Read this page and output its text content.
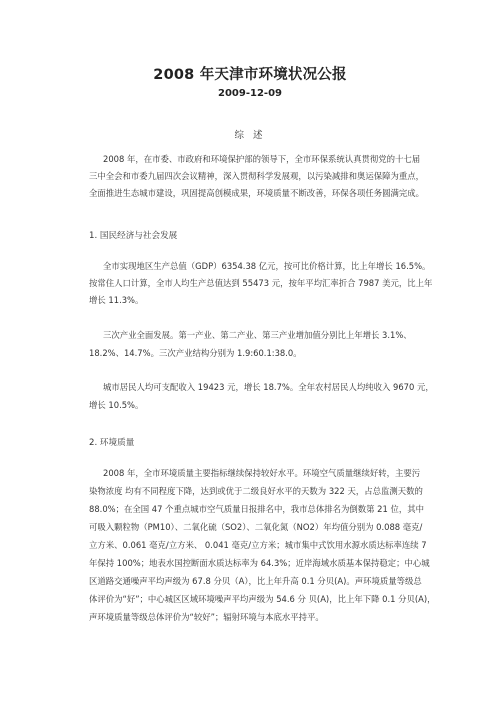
2008 年天津市环境状况公报
2009-12-09
综 述
2008 年，在市委、市政府和环境保护部的领导下，全市环保系统认真贯彻党的十七届
三中全会和市委九届四次会议精神，深入贯彻科学发展观，以污染减排和奥运保障为重点，
全面推进生态城市建设，巩固提高创模成果，环境质量不断改善，环保各项任务圆满完成。
1. 国民经济与社会发展
全市实现地区生产总值（GDP）6354.38 亿元，按可比价格计算，比上年增长 16.5%。
按常住人口计算，全市人均生产总值达到 55473 元，按年平均汇率折合 7987 美元，比上年
增长 11.3%。
三次产业全面发展。第一产业、第二产业、第三产业增加值分别比上年增长 3.1%、
18.2%、14.7%。三次产业结构分别为 1.9:60.1:38.0。
城市居民人均可支配收入 19423 元，增长 18.7%。全年农村居民人均纯收入 9670 元，
增长 10.5%。
2. 环境质量
2008 年，全市环境质量主要指标继续保持较好水平。环境空气质量继续好转，主要污
染物浓度 均有不同程度下降，达到或优于二级良好水平的天数为 322 天，占总监测天数的
88.0%；在全国 47 个重点城市空气质量日报排名中，我市总体排名为倒数第 21 位，其中
可吸入颗粒物（PM10）、二氧化硫（SO2）、二氧化氮（NO2）年均值分别为 0.088 毫克/
立方米、0.061 毫克/立方米、 0.041 毫克/立方米；城市集中式饮用水源水质达标率连续 7
年保持 100%；地表水国控断面水质达标率为 64.3%；近岸海域水质基本保持稳定；中心城
区道路交通噪声平均声级为 67.8 分贝（A），比上年升高 0.1 分贝(A)。声环境质量等级总
体评价为“好”；中心城区区域环境噪声平均声级为 54.6 分 贝(A)，比上年下降 0.1 分贝(A)，
声环境质量等级总体评价为“较好”；辐射环境与本底水平持平。
